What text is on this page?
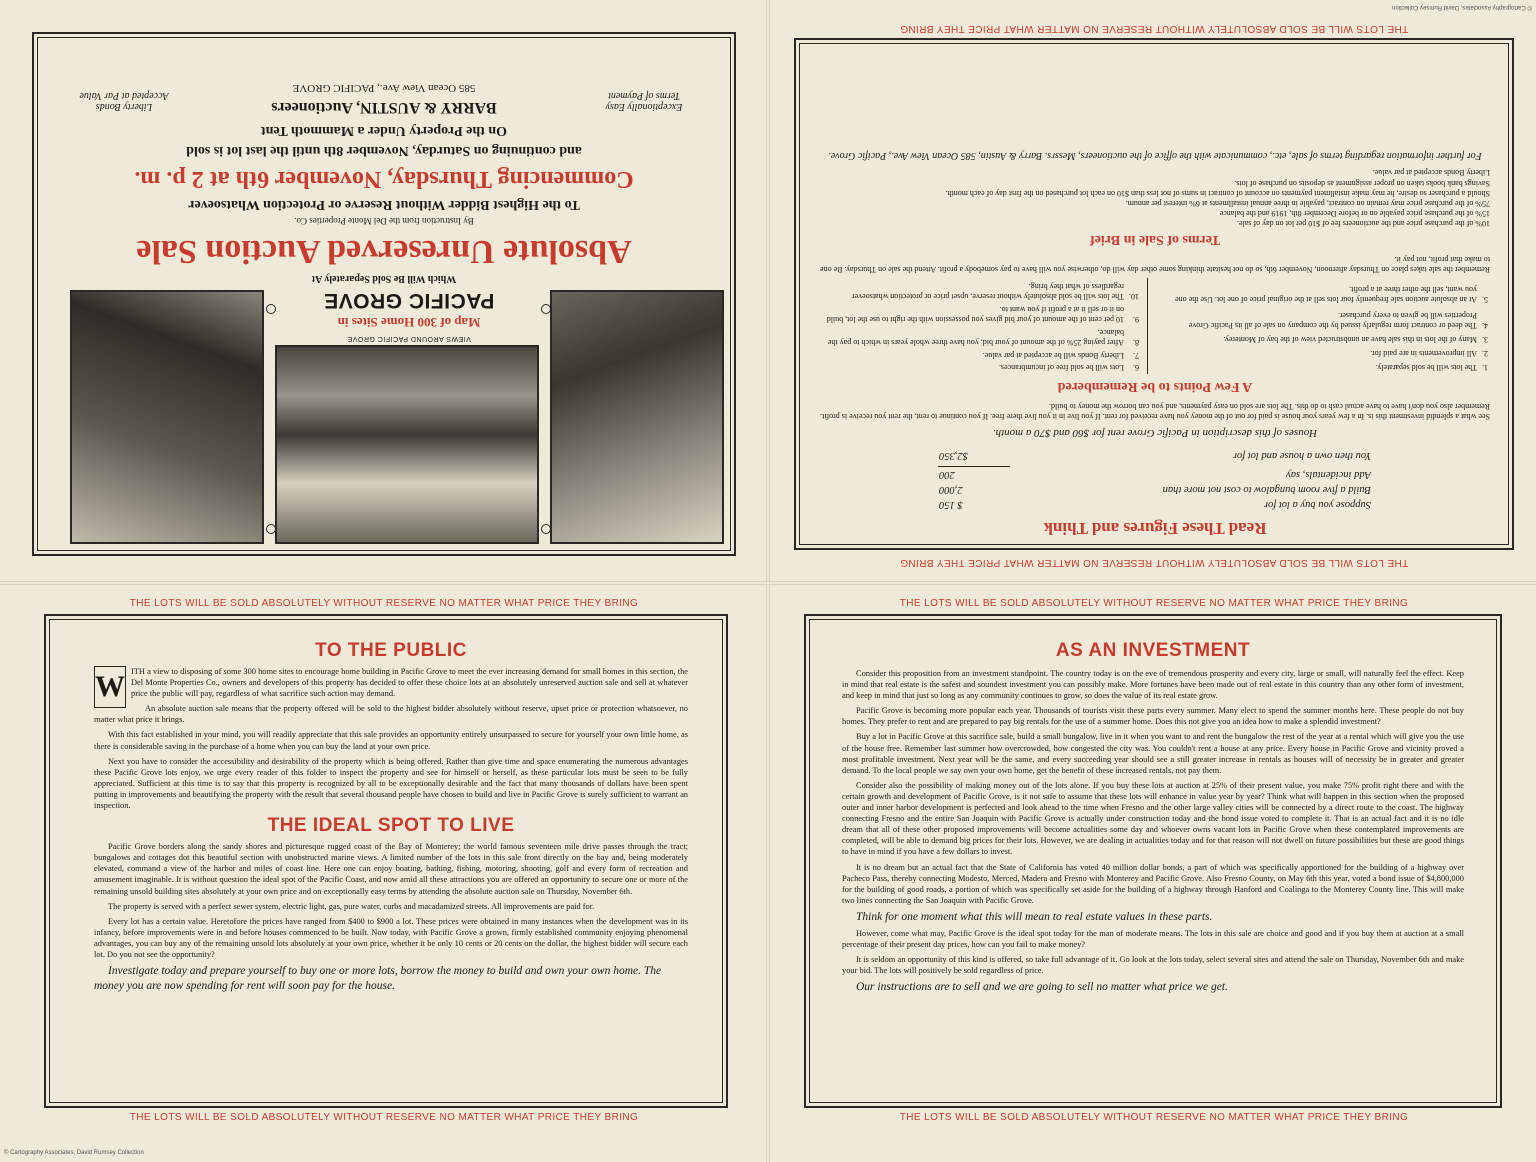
VIEWS AROUND PACIFIC GROVE
Map of 300 Home Sites in
PACIFIC GROVE
Which Will Be Sold Separately At
Absolute Unreserved Auction Sale
By Instruction from the Del Monte Properties Co.
To the Highest Bidder Without Reserve or Protection Whatsoever
Commencing Thursday, November 6th at 2 p. m.
and continuing on Saturday, November 8th until the last lot is sold
On the Property Under a Mammoth Tent
BARRY & AUSTIN, Auctioneers
585 Ocean View Ave., PACIFIC GROVE
Exceptionally Easy
Terms of Payment
Liberty Bonds
Accepted at Par Value
THE LOTS WILL BE SOLD ABSOLUTELY WITHOUT RESERVE NO MATTER WHAT PRICE THEY BRING
THE LOTS WILL BE SOLD ABSOLUTELY WITHOUT RESERVE NO MATTER WHAT PRICE THEY BRING
Read These Figures and Think
Suppose you buy a lot for	$ 150
Build a five room bungalow to cost not more than	2,000
Add incidentals, say	200
You then own a house and lot for	$2,350
Houses of this description in Pacific Grove rent for $60 and $70 a month.
See what a splendid investment this is. In a few years your house is paid for out of the money you have received for rent. If you live in it you live there free. If you continue to rent, the rent you receive is profit. Remember also you don't have to have actual cash to do this. The lots are sold on easy payments, and you can borrow the money to build.
A Few Points to be Remembered
1.	The lots will be sold separately.
2.	All improvements in are paid for.
3.	Many of the lots in this sale have an unobstructed view of the bay of Monterey.
4.	The deed or contract form regularly issued by the company on sale of all its Pacific Grove Properties will be given to every purchaser.
5.	At an absolute auction sale frequently four lots sell at the original price of one lot. Use the one you want, sell the other three at a profit.
6.	Lots will be sold free of incumbrances.
7.	Liberty Bonds will be accepted at par value.
8.	After paying 25% of the amount of your bid, you have three whole years in which to pay the balance.
9.	10 per cent of the amount of your bid gives you possession with the right to use the lot, build on it or sell it at a profit if you want to.
10.	The lots will be sold absolutely without reserve, upset price or protection whatsoever regardless of what they bring.
Remember the sale takes place on Thursday afternoon, November 6th, so do not hesitate thinking some other day will do, otherwise you will have to pay somebody a profit. Attend the sale on Thursday. Be one to make that profit, not pay it.
Terms of Sale in Brief
10% of the purchase price and the auctioneers fee of $10 per lot on day of sale.
15% of the purchase price payable on or before December 8th, 1919 and the balance
75% of the purchase price may remain on contract, payable in three annual installments at 6% interest per annum.
Should a purchaser so desire, he may make installment payments on account of contract in sums of not less than $10 on each lot purchased on the first day of each month.
Savings bank books taken on proper assignment as deposits on purchase of lots.
Liberty Bonds accepted at par value.
For further information regarding terms of sale, etc., communicate with the office of the auctioneers, Messrs. Barry & Austin, 585 Ocean View Ave., Pacific Grove.
THE LOTS WILL BE SOLD ABSOLUTELY WITHOUT RESERVE NO MATTER WHAT PRICE THEY BRING
THE LOTS WILL BE SOLD ABSOLUTELY WITHOUT RESERVE NO MATTER WHAT PRICE THEY BRING
TO THE PUBLIC
W ITH a view to disposing of some 300 home sites to encourage home building in Pacific Grove to meet the ever increasing demand for small homes in this section, the Del Monte Properties Co., owners and developers of this property has decided to offer these choice lots at an absolutely unreserved auction sale and sell at whatever price the public will pay, regardless of what sacrifice such action may demand.

An absolute auction sale means that the property offered will be sold to the highest bidder absolutely without reserve, upset price or protection whatsoever, no matter what price it brings.

With this fact established in your mind, you will readily appreciate that this sale provides an opportunity entirely unsurpassed to secure for yourself your own little home, as there is considerable saving in the purchase of a home when you can buy the land at your own price.

Next you have to consider the accessibility and desirability of the property which is being offered. Rather than give time and space enumerating the numerous advantages these Pacific Grove lots enjoy, we urge every reader of this folder to inspect the property and see for himself or herself, as these particular lots must be seen to be fully appreciated. Sufficient at this time is to say that this property is recognized by all to be exceptionally desirable and the fact that many thousands of dollars have been spent putting in improvements and beautifying the property with the result that several thousand people have chosen to build and live in Pacific Grove is surely sufficient to warrant an inspection.

THE IDEAL SPOT TO LIVE

Pacific Grove borders along the sandy shores and picturesque rugged coast of the Bay of Monterey; the world famous seventeen mile drive passes through the tract; bungalows and cottages dot this beautiful section with unobstructed marine views. A limited number of the lots in this sale front directly on the bay and, being moderately elevated, command a view of the harbor and miles of coast line. Here one can enjoy boating, bathing, fishing, motoring, shooting, golf and every form of recreation and amusement imaginable. It is without question the ideal spot of the Pacific Coast, and now amid all these attractions you are offered an opportunity to secure one or more of the remaining unsold building sites absolutely at your own price and on exceptionally easy terms by attending the absolute auction sale on Thursday, November 6th.

The property is served with a perfect sewer system, electric light, gas, pure water, curbs and macadamized streets. All improvements are paid for.

Every lot has a certain value. Heretofore the prices have ranged from $400 to $900 a lot. These prices were obtained in many instances when the development was in its infancy, before improvements were in and before houses commenced to be built. Now today, with Pacific Grove a grown, firmly established community enjoying phenomenal advantages, you can buy any of the remaining unsold lots absolutely at your own price, whether it be only 10 cents or 20 cents on the dollar, the highest bidder will secure each lot. Do you not see the opportunity?

Investigate today and prepare yourself to buy one or more lots, borrow the money to build and own your own home. The money you are now spending for rent will soon pay for the house.
THE LOTS WILL BE SOLD ABSOLUTELY WITHOUT RESERVE NO MATTER WHAT PRICE THEY BRING
THE LOTS WILL BE SOLD ABSOLUTELY WITHOUT RESERVE NO MATTER WHAT PRICE THEY BRING
AS AN INVESTMENT

Consider this proposition from an investment standpoint. The country today is on the eve of tremendous prosperity and every city, large or small, will naturally feel the effect. Keep in mind that real estate is the safest and soundest investment you can possibly make. More fortunes have been made out of real estate in this country than any other form of investment, and keep in mind that just so long as any community continues to grow, so does the value of its real estate grow.

Pacific Grove is becoming more popular each year. Thousands of tourists visit these parts every summer. Many elect to spend the summer months here. These people do not buy homes. They prefer to rent and are prepared to pay big rentals for the use of a summer home. Does this not give you an idea how to make a splendid investment?

Buy a lot in Pacific Grove at this sacrifice sale, build a small bungalow, live in it when you want to and rent the bungalow the rest of the year at a rental which will give you the use of the house free. Remember last summer how overcrowded, how congested the city was. You couldn't rent a house at any price. Every house in Pacific Grove and vicinity proved a most profitable investment. Next year will be the same, and every succeeding year should see a still greater increase in rentals as houses will of necessity be in greater and greater demand. To the local people we say own your own home, get the benefit of these increased rentals, not pay them.

Consider also the possibility of making money out of the lots alone. If you buy these lots at auction at 25% of their present value, you make 75% profit right there and with the certain growth and development of Pacific Grove, is it not safe to assume that these lots will enhance in value year by year? Think what will happen in this section when the proposed outer and inner harbor development is perfected and look ahead to the time when Fresno and the other large valley cities will be connected by a direct route to the coast. The highway connecting Fresno and the entire San Joaquin with Pacific Grove is actually under construction today and the bond issue voted to complete it. That is an actual fact and it is no idle dream that all of these other proposed improvements will become actualities some day and whoever owns vacant lots in Pacific Grove when these contemplated improvements are completed, will be able to demand big prices for their lots. However, we are dealing in actualities today and for that reason will not dwell on future possibilities but these are good things to have in mind if you have a few dollars to invest.

It is no dream but an actual fact that the State of California has voted 40 million dollar bonds, a part of which was specifically apportioned for the building of a highway over Pacheco Pass, thereby connecting Modesto, Merced, Madera and Fresno with Monterey and Pacific Grove. Also Fresno County, on May 6th this year, voted a bond issue of $4,800,000 for the building of good roads, a portion of which was specifically set aside for the building of a highway through Hanford and Coalinga to the Monterey County line. This will make two lines connecting the San Joaquin with Pacific Grove.

Think for one moment what this will mean to real estate values in these parts.

However, come what may, Pacific Grove is the ideal spot today for the man of moderate means. The lots in this sale are choice and good and if you buy them at auction at a small percentage of their present day prices, how can you fail to make money?

It is seldom an opportunity of this kind is offered, so take full advantage of it. Go look at the lots today, select several sites and attend the sale on Thursday, November 6th and make your bid. The lots will positively be sold regardless of price.

Our instructions are to sell and we are going to sell no matter what price we get.
© Cartography Associates, David Rumsey Collection
© Cartography Associates, David Rumsey Collection
